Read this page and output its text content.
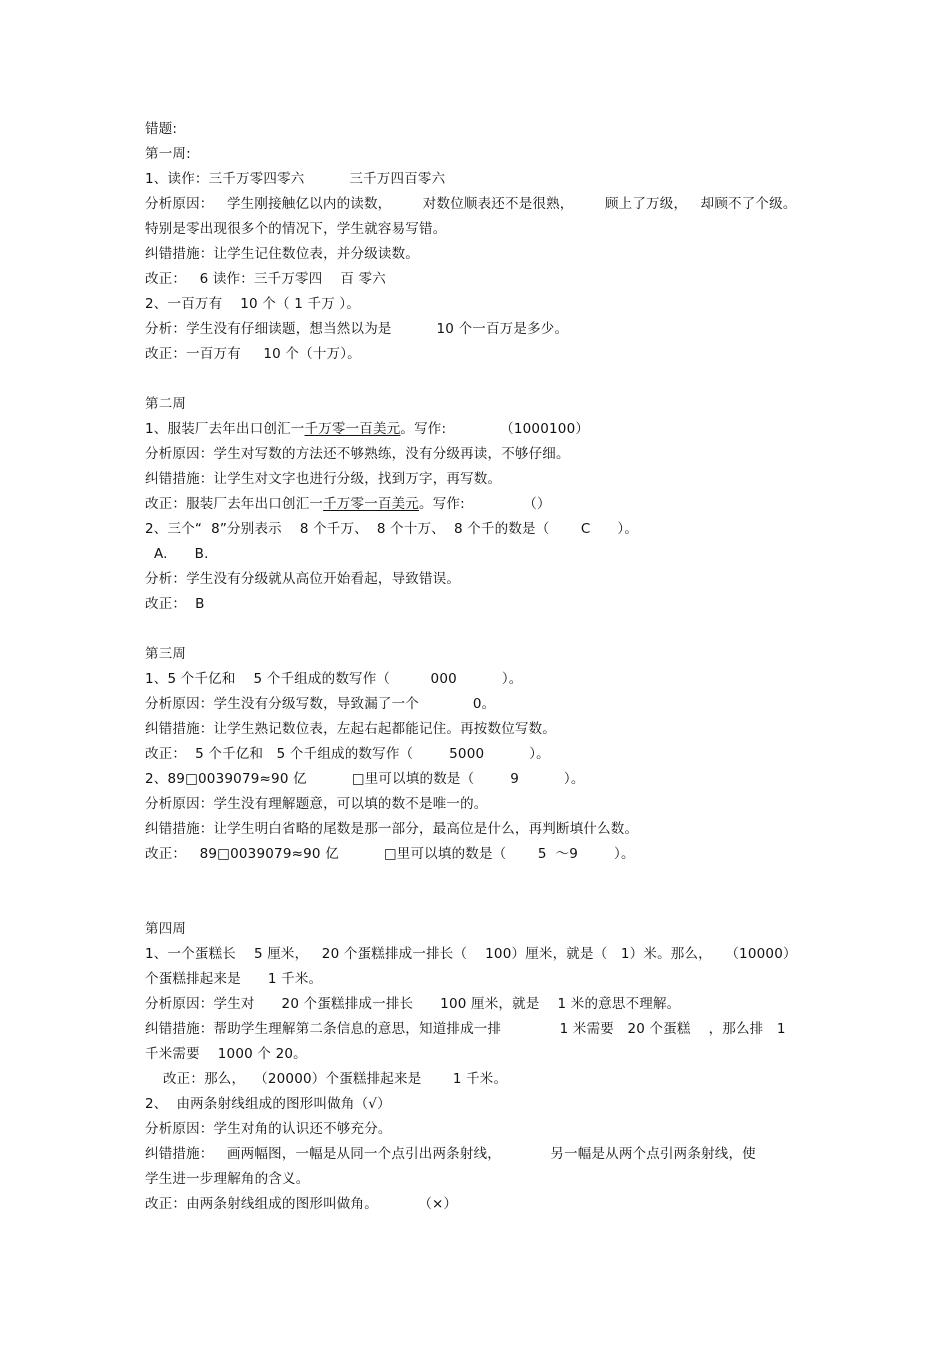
错题:
第一周:
1、读作：三千万零四零六          三千万四百零六
分析原因：   学生刚接触亿以内的读数，       对数位顺表还不是很熟，       顾上了万级，   却顾不了个级。
特别是零出现很多个的情况下，学生就容易写错。
纠错措施：让学生记住数位表，并分级读数。
改正：   6 读作：三千万零四    百 零六
2、一百万有    10 个（ 1 千万 ）。
分析：学生没有仔细读题，想当然以为是          10 个一百万是多少。
改正：一百万有     10 个（十万）。
第二周
1、服装厂去年出口创汇一千万零一百美元。写作:            （1000100）
分析原因：学生对写数的方法还不够熟练，没有分级再读，不够仔细。
纠错措施：让学生对文字也进行分级，找到万字，再写数。
改正：服装厂去年出口创汇一千万零一百美元。写作:             （）
2、三个“  8”分别表示    8 个千万、  8 个十万、  8 个千的数是（       C      ）。
A.      B.
分析：学生没有分级就从高位开始看起，导致错误。
改正：  B
第三周
1、5 个千亿和    5 个千组成的数写作（         000          ）。
分析原因：学生没有分级写数，导致漏了一个            0。
纠错措施：让学生熟记数位表，左起右起都能记住。再按数位写数。
改正：  5 个千亿和   5 个千组成的数写作（        5000          ）。
2、89□0039079≈90 亿          □里可以填的数是（        9          ）。
分析原因：学生没有理解题意，可以填的数不是唯一的。
纠错措施：让学生明白省略的尾数是那一部分，最高位是什么，再判断填什么数。
改正：   89□0039079≈90 亿          □里可以填的数是（       5  ～9        ）。
第四周
1、一个蛋糕长    5 厘米，   20 个蛋糕排成一排长（    100）厘米，就是（   1）米。那么，   （10000）
个蛋糕排起来是      1 千米。
分析原因：学生对      20 个蛋糕排成一排长      100 厘米，就是    1 米的意思不理解。
纠错措施：帮助学生理解第二条信息的意思，知道排成一排             1 米需要   20 个蛋糕    ，那么排   1
千米需要    1000 个 20。
改正：那么，  （20000）个蛋糕排起来是       1 千米。
2、  由两条射线组成的图形叫做角（√）
分析原因：学生对角的认识还不够充分。
纠错措施：   画两幅图，一幅是从同一个点引出两条射线，           另一幅是从两个点引两条射线，使
学生进一步理解角的含义。
改正：由两条射线组成的图形叫做角。         （×）
